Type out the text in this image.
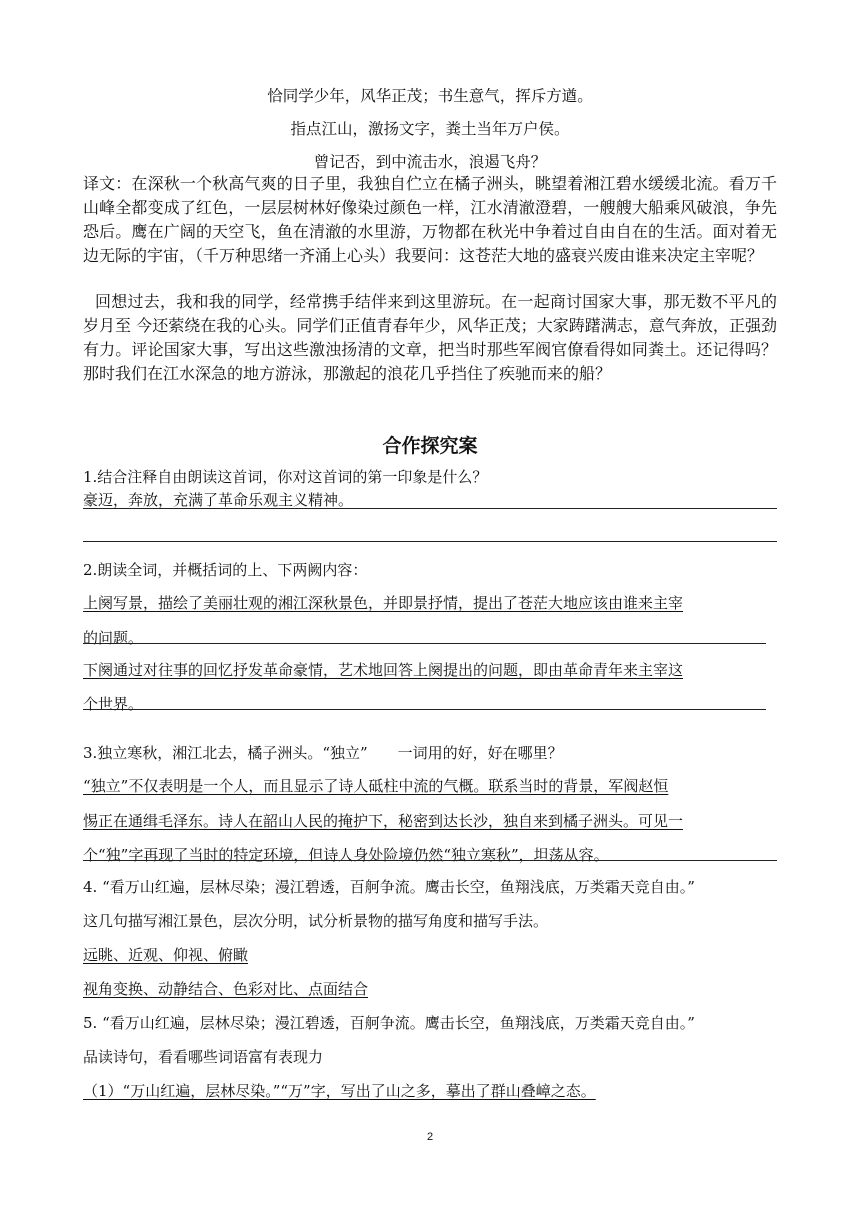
恰同学少年，风华正茂；书生意气，挥斥方遒。
指点江山，激扬文字，粪土当年万户侯。
曾记否，到中流击水，浪遏飞舟？
译文：在深秋一个秋高气爽的日子里，我独自伫立在橘子洲头，眺望着湘江碧水缓缓北流。看万千山峰全都变成了红色，一层层树林好像染过颜色一样，江水清澈澄碧，一艘艘大船乘风破浪，争先恐后。鹰在广阔的天空飞，鱼在清澈的水里游，万物都在秋光中争着过自由自在的生活。面对着无边无际的宇宙，（千万种思绪一齐涌上心头）我要问：这苍茫大地的盛衰兴废由谁来决定主宰呢？
回想过去，我和我的同学，经常携手结伴来到这里游玩。在一起商讨国家大事，那无数不平凡的岁月至 今还萦绕在我的心头。同学们正值青春年少，风华正茂；大家踌躇满志，意气奔放，正强劲有力。评论国家大事，写出这些激浊扬清的文章，把当时那些军阀官僚看得如同粪土。还记得吗？那时我们在江水深急的地方游泳，那激起的浪花几乎挡住了疾驰而来的船？
合作探究案
1.结合注释自由朗读这首词，你对这首词的第一印象是什么？
豪迈，奔放，充满了革命乐观主义精神。
2.朗读全词，并概括词的上、下两阙内容：
上阕写景，描绘了美丽壮观的湘江深秋景色，并即景抒情，提出了苍茫大地应该由谁来主宰
的问题。
下阕通过对往事的回忆抒发革命豪情，艺术地回答上阕提出的问题，即由革命青年来主宰这
个世界。
3.独立寒秋，湘江北去，橘子洲头。“独立”　　一词用的好，好在哪里？
“独立”不仅表明是一个人，而且显示了诗人砥柱中流的气概。联系当时的背景，军阀赵恒
惕正在通缉毛泽东。诗人在韶山人民的掩护下，秘密到达长沙，独自来到橘子洲头。可见一
个“独”字再现了当时的特定环境，但诗人身处险境仍然“独立寒秋”，坦荡从容。
4. “看万山红遍，层林尽染；漫江碧透，百舸争流。鹰击长空，鱼翔浅底，万类霜天竞自由。”
这几句描写湘江景色，层次分明，试分析景物的描写角度和描写手法。
远眺、近观、仰视、俯瞰
视角变换、动静结合、色彩对比、点面结合
5. “看万山红遍，层林尽染；漫江碧透，百舸争流。鹰击长空，鱼翔浅底，万类霜天竞自由。”
品读诗句，看看哪些词语富有表现力
（1）“万山红遍，层林尽染。”“万”字，写出了山之多，摹出了群山叠嶂之态。
2
